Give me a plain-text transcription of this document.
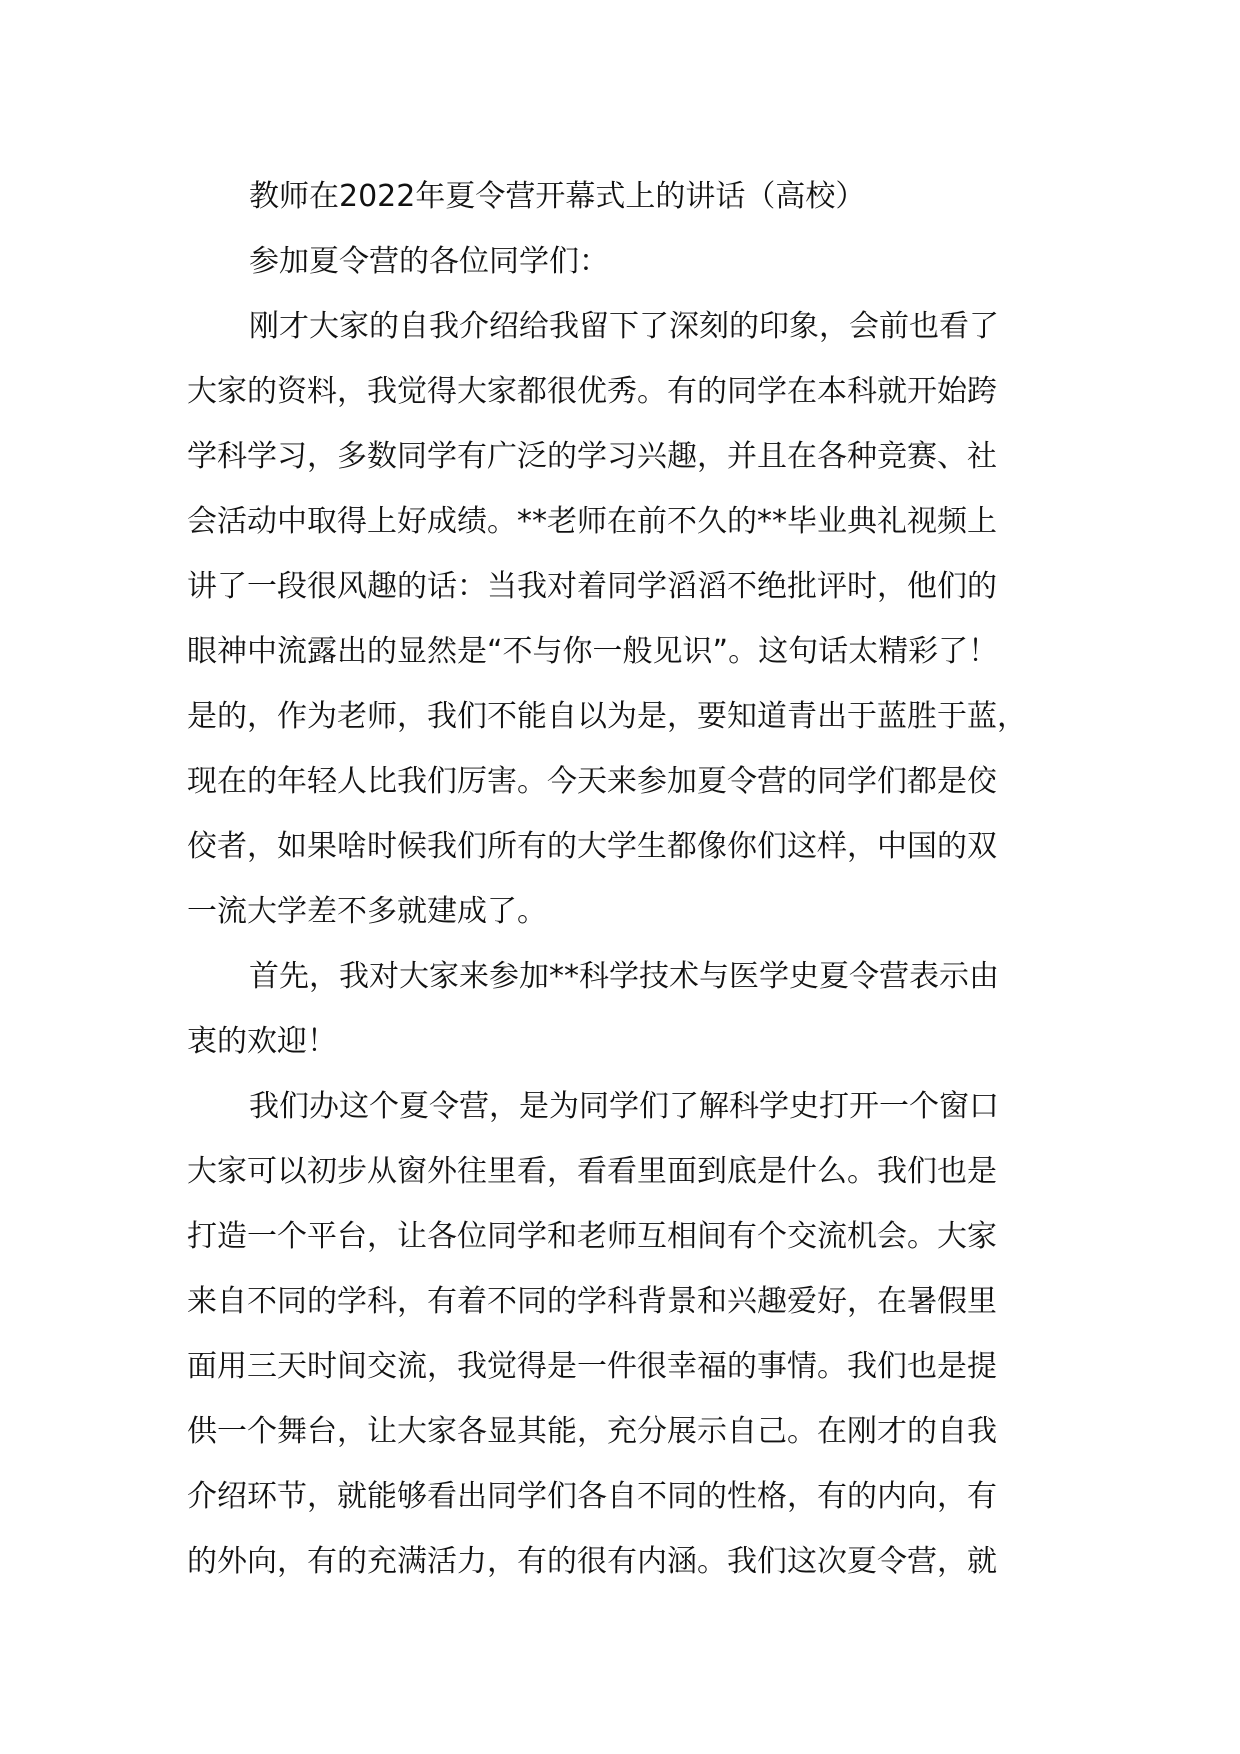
教师在2022年夏令营开幕式上的讲话（高校）
参加夏令营的各位同学们：
刚才大家的自我介绍给我留下了深刻的印象，会前也看了
大家的资料，我觉得大家都很优秀。有的同学在本科就开始跨
学科学习，多数同学有广泛的学习兴趣，并且在各种竞赛、社
会活动中取得上好成绩。**老师在前不久的**毕业典礼视频上
讲了一段很风趣的话：当我对着同学滔滔不绝批评时，他们的
眼神中流露出的显然是“不与你一般见识”。这句话太精彩了！
是的，作为老师，我们不能自以为是，要知道青出于蓝胜于蓝，
现在的年轻人比我们厉害。今天来参加夏令营的同学们都是佼
佼者，如果啥时候我们所有的大学生都像你们这样，中国的双
一流大学差不多就建成了。
首先，我对大家来参加**科学技术与医学史夏令营表示由
衷的欢迎！
我们办这个夏令营，是为同学们了解科学史打开一个窗口
大家可以初步从窗外往里看，看看里面到底是什么。我们也是
打造一个平台，让各位同学和老师互相间有个交流机会。大家
来自不同的学科，有着不同的学科背景和兴趣爱好，在暑假里
面用三天时间交流，我觉得是一件很幸福的事情。我们也是提
供一个舞台，让大家各显其能，充分展示自己。在刚才的自我
介绍环节，就能够看出同学们各自不同的性格，有的内向，有
的外向，有的充满活力，有的很有内涵。我们这次夏令营，就
